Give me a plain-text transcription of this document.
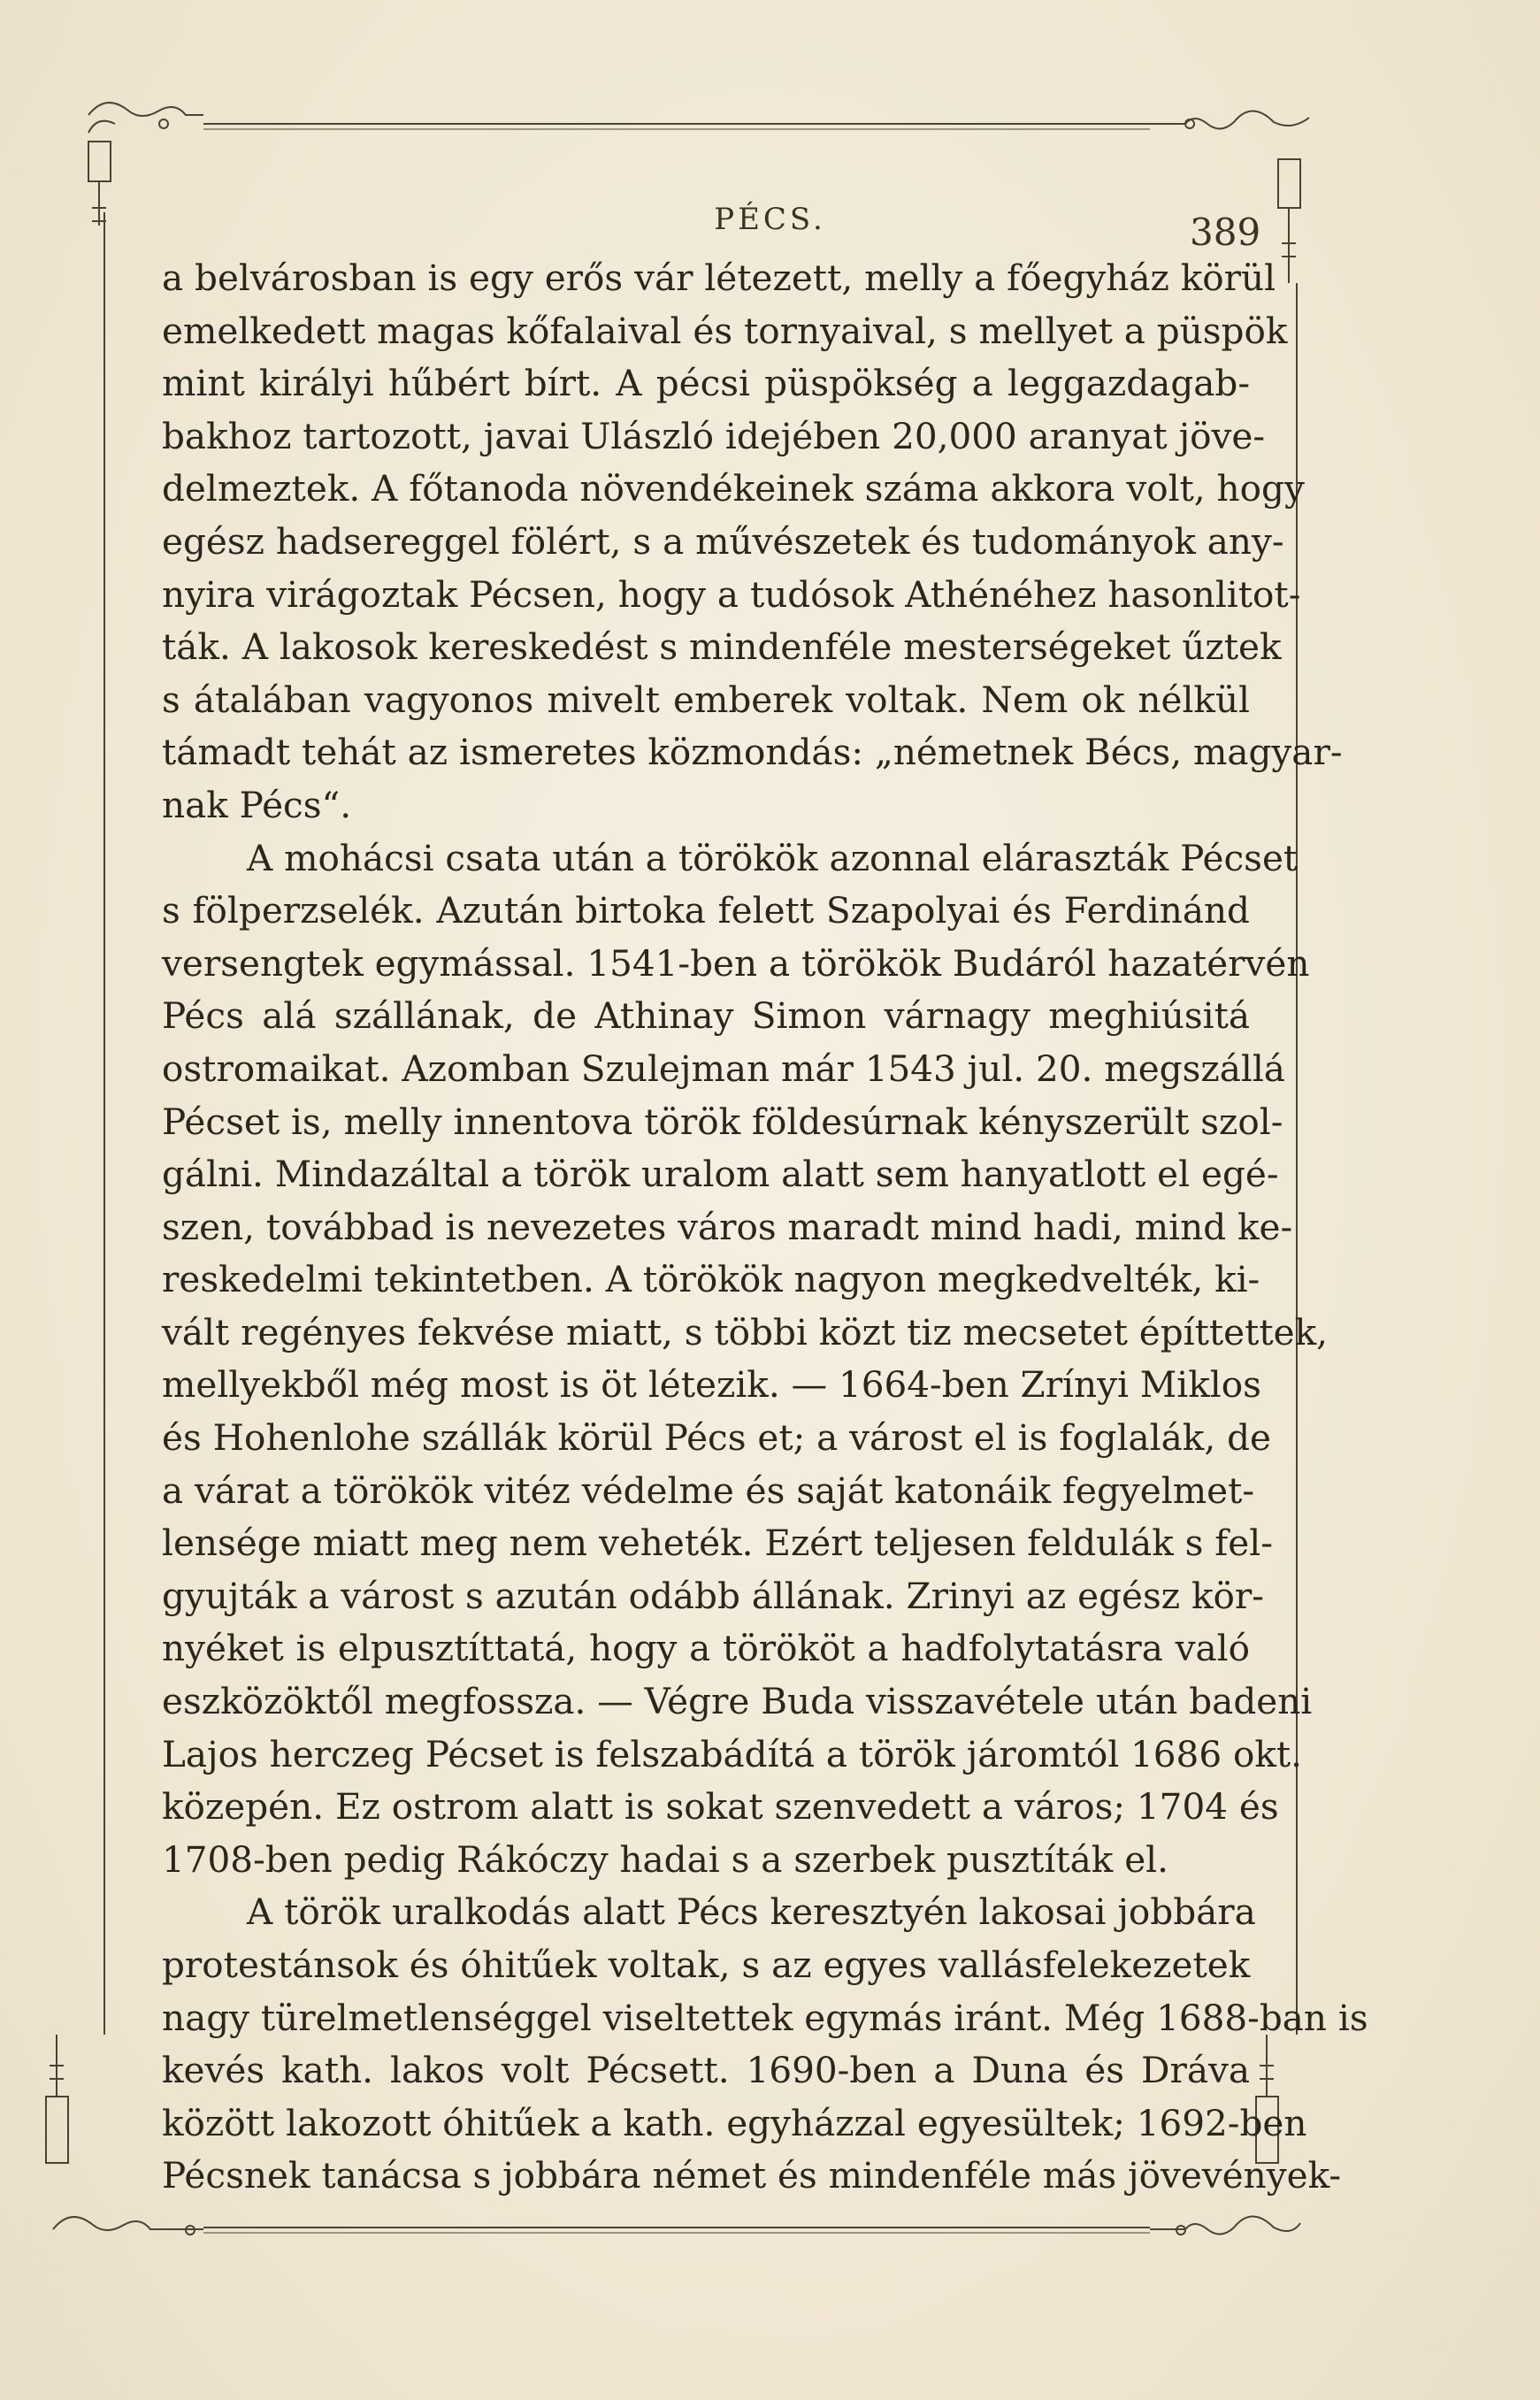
PÉCS.	389
a belvárosban is egy erős vár létezett, melly a főegyház körül
emelkedett magas kőfalaival és tornyaival, s mellyet a püspök
mint királyi hűbért bírt. A pécsi püspökség a leggazdagab-
bakhoz tartozott, javai Ulászló idejében 20,000 aranyat jöve-
delmeztek. A főtanoda növendékeinek száma akkora volt, hogy
egész hadsereggel fölért, s a művészetek és tudományok any-
nyira virágoztak Pécsen, hogy a tudósok Athénéhez hasonlitot-
ták. A lakosok kereskedést s mindenféle mesterségeket űztek
s átalában vagyonos mivelt emberek voltak. Nem ok nélkül
támadt tehát az ismeretes közmondás: „németnek Bécs, magyar-
nak Pécs“.
A mohácsi csata után a törökök azonnal eláraszták Pécset
s fölperzselék. Azután birtoka felett Szapolyai és Ferdinánd
versengtek egymással. 1541-ben a törökök Budáról hazatérvén
Pécs alá szállának, de Athinay Simon várnagy meghiúsitá
ostromaikat. Azomban Szulejman már 1543 jul. 20. megszállá
Pécset is, melly innentova török földesúrnak kényszerült szol-
gálni. Mindazáltal a török uralom alatt sem hanyatlott el egé-
szen, továbbad is nevezetes város maradt mind hadi, mind ke-
reskedelmi tekintetben. A törökök nagyon megkedvelték, ki-
vált regényes fekvése miatt, s többi közt tiz mecsetet építtettek,
mellyekből még most is öt létezik. — 1664-ben Zrínyi Miklos
és Hohenlohe szállák körül Pécs et; a várost el is foglalák, de
a várat a törökök vitéz védelme és saját katonáik fegyelmet-
lensége miatt meg nem veheték. Ezért teljesen feldulák s fel-
gyujták a várost s azután odább állának. Zrinyi az egész kör-
nyéket is elpusztíttatá, hogy a törököt a hadfolytatásra való
eszközöktől megfossza. — Végre Buda visszavétele után badeni
Lajos herczeg Pécset is felszabádítá a török járomtól 1686 okt.
közepén. Ez ostrom alatt is sokat szenvedett a város; 1704 és
1708-ben pedig Rákóczy hadai s a szerbek pusztíták el.
A török uralkodás alatt Pécs keresztyén lakosai jobbára
protestánsok és óhitűek voltak, s az egyes vallásfelekezetek
nagy türelmetlenséggel viseltettek egymás iránt. Még 1688-ban is
kevés kath. lakos volt Pécsett. 1690-ben a Duna és Dráva
között lakozott óhitűek a kath. egyházzal egyesültek; 1692-ben
Pécsnek tanácsa s jobbára német és mindenféle más jövevények-
